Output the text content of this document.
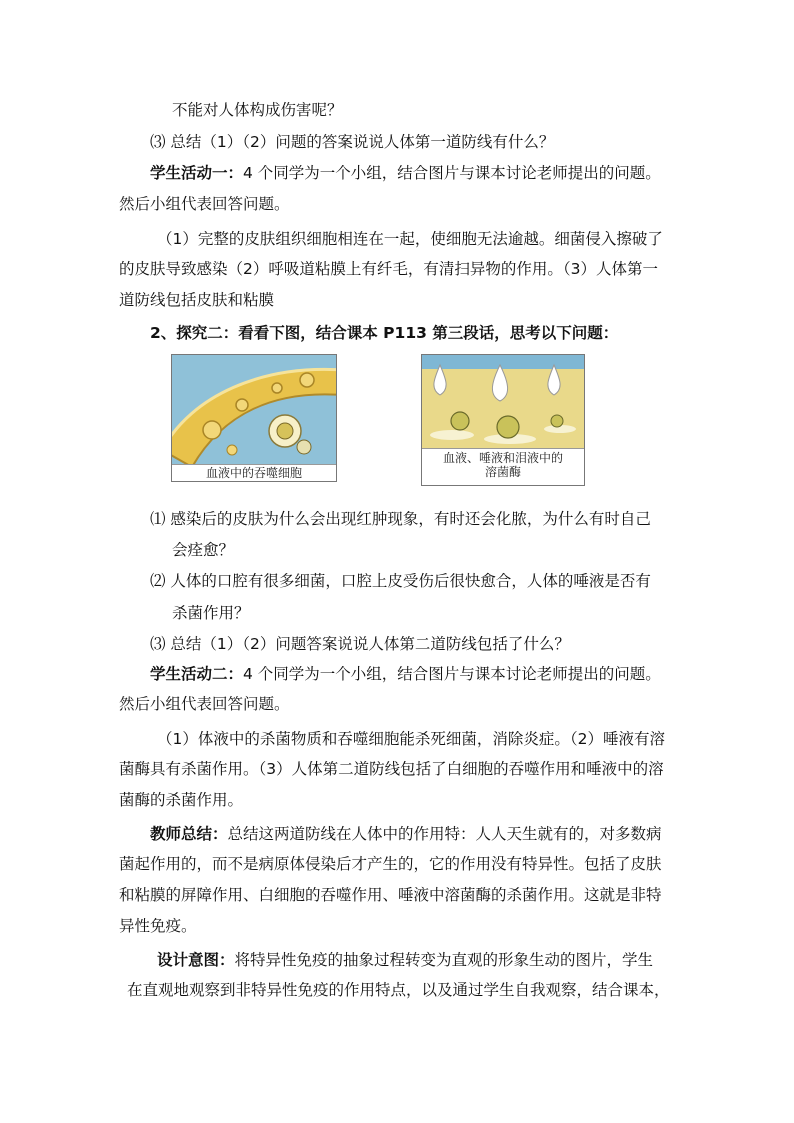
不能对人体构成伤害呢？
⑶ 总结（1）（2）问题的答案说说人体第一道防线有什么？
学生活动一：4 个同学为一个小组，结合图片与课本讨论老师提出的问题。
然后小组代表回答问题。
（1）完整的皮肤组织细胞相连在一起，使细胞无法逾越。细菌侵入擦破了
的皮肤导致感染（2）呼吸道粘膜上有纤毛，有清扫异物的作用。（3）人体第一
道防线包括皮肤和粘膜
2、探究二：看看下图，结合课本 P113 第三段话，思考以下问题：
血液中的吞噬细胞
血液、唾液和泪液中的
溶菌酶
⑴ 感染后的皮肤为什么会出现红肿现象，有时还会化脓，为什么有时自己
会痊愈？
⑵ 人体的口腔有很多细菌，口腔上皮受伤后很快愈合，人体的唾液是否有
杀菌作用？
⑶ 总结（1）（2）问题答案说说人体第二道防线包括了什么？
学生活动二：4 个同学为一个小组，结合图片与课本讨论老师提出的问题。
然后小组代表回答问题。
（1）体液中的杀菌物质和吞噬细胞能杀死细菌，消除炎症。（2）唾液有溶
菌酶具有杀菌作用。（3）人体第二道防线包括了白细胞的吞噬作用和唾液中的溶
菌酶的杀菌作用。
教师总结：总结这两道防线在人体中的作用特：人人天生就有的，对多数病
菌起作用的，而不是病原体侵染后才产生的，它的作用没有特异性。包括了皮肤
和粘膜的屏障作用、白细胞的吞噬作用、唾液中溶菌酶的杀菌作用。这就是非特
异性免疫。
设计意图：将特异性免疫的抽象过程转变为直观的形象生动的图片，学生
在直观地观察到非特异性免疫的作用特点，以及通过学生自我观察，结合课本，
